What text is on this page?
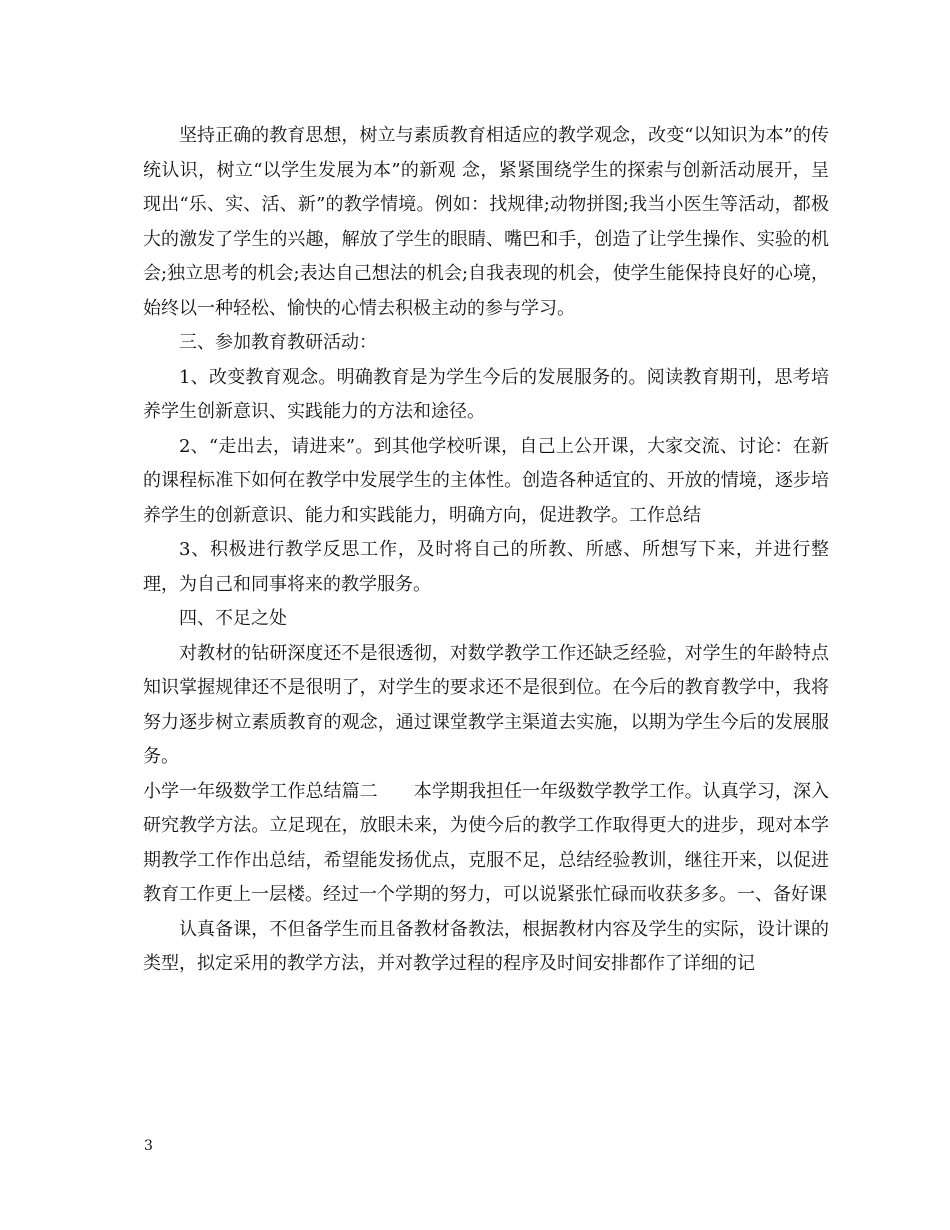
坚持正确的教育思想，树立与素质教育相适应的教学观念，改变“以知识为本”的传统认识，树立“以学生发展为本”的新观 念，紧紧围绕学生的探索与创新活动展开，呈现出“乐、实、活、新”的教学情境。例如：找规律;动物拼图;我当小医生等活动，都极大的激发了学生的兴趣，解放了学生的眼睛、嘴巴和手，创造了让学生操作、实验的机会;独立思考的机会;表达自己想法的机会;自我表现的机会，使学生能保持良好的心境，始终以一种轻松、愉快的心情去积极主动的参与学习。

三、参加教育教研活动：

1、改变教育观念。明确教育是为学生今后的发展服务的。阅读教育期刊，思考培养学生创新意识、实践能力的方法和途径。

2、“走出去，请进来”。到其他学校听课，自己上公开课，大家交流、讨论：在新的课程标准下如何在教学中发展学生的主体性。创造各种适宜的、开放的情境，逐步培养学生的创新意识、能力和实践能力，明确方向，促进教学。工作总结

3、积极进行教学反思工作，及时将自己的所教、所感、所想写下来，并进行整理，为自己和同事将来的教学服务。

四、不足之处

对教材的钻研深度还不是很透彻，对数学教学工作还缺乏经验，对学生的年龄特点知识掌握规律还不是很明了，对学生的要求还不是很到位。在今后的教育教学中，我将努力逐步树立素质教育的观念，通过课堂教学主渠道去实施，以期为学生今后的发展服务。

小学一年级数学工作总结篇二 本学期我担任一年级数学教学工作。认真学习，深入研究教学方法。立足现在，放眼未来，为使今后的教学工作取得更大的进步，现对本学期教学工作作出总结，希望能发扬优点，克服不足，总结经验教训，继往开来，以促进教育工作更上一层楼。经过一个学期的努力，可以说紧张忙碌而收获多多。一、备好课

认真备课，不但备学生而且备教材备教法，根据教材内容及学生的实际，设计课的类型，拟定采用的教学方法，并对教学过程的程序及时间安排都作了详细的记

3
